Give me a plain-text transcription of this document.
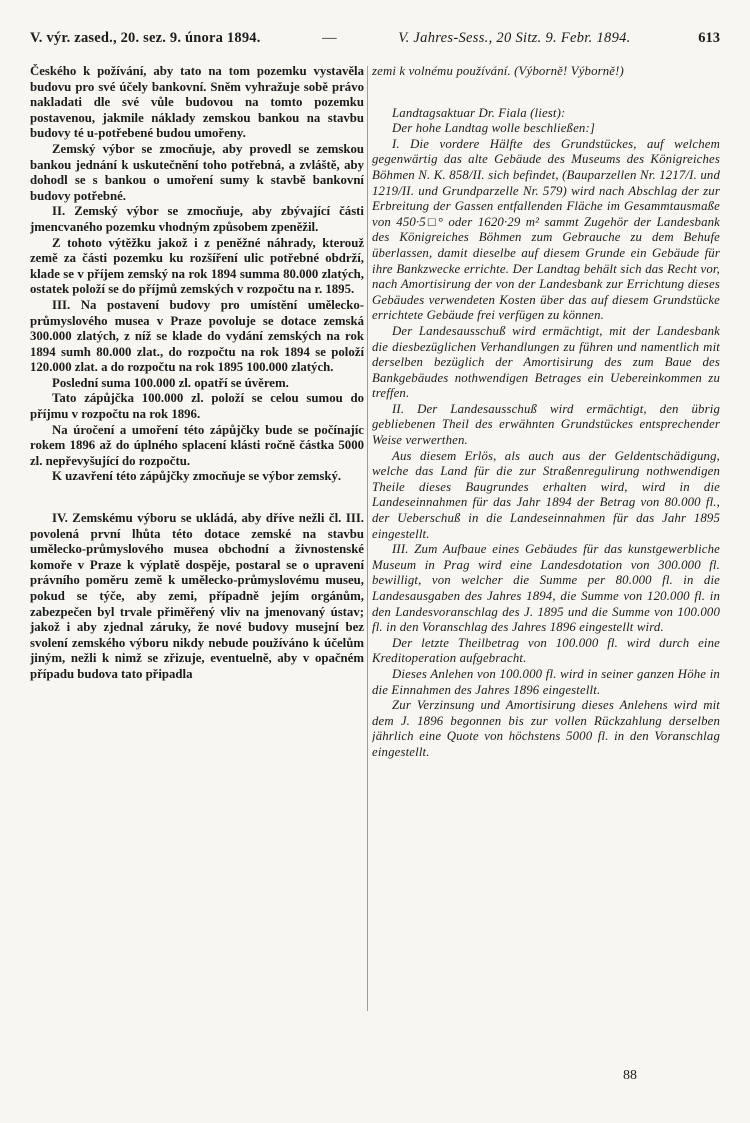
V. výr. zased., 20. sez. 9. února 1894.	—	V. Jahres-Sess., 20 Sitz. 9. Febr. 1894.	613

Českého k požívání, aby tato na tom pozemku vystavěla budovu pro své účely bankovní. Sněm vyhražuje sobě právo nakladati dle své vůle budovou na tomto pozemku postavenou, jakmile náklady zemskou bankou na stavbu budovy té u-potřebené budou umořeny.

Zemský výbor se zmocňuje, aby provedl se zemskou bankou jednání k uskutečnění toho potřebná, a zvláště, aby dohodl se s bankou o umoření sumy k stavbě bankovní budovy potřebné.

II. Zemský výbor se zmocňuje, aby zbývající části jmencvaného pozemku vhodným způsobem zpeněžil.

Z tohoto výtěžku jakož i z peněžné náhrady, kterouž země za části pozemku ku rozšíření ulic potřebné obdrží, klade se v příjem zemský na rok 1894 summa 80.000 zlatých, ostatek položí se do příjmů zemských v rozpočtu na r. 1895.

III. Na postavení budovy pro umístění umělecko-průmyslového musea v Praze povoluje se dotace zemská 300.000 zlatých, z níž se klade do vydání zemských na rok 1894 sumh 80.000 zlat., do rozpočtu na rok 1894 se položí 120.000 zlat. a do rozpočtu na rok 1895 100.000 zlatých.

Poslední suma 100.000 zl. opatří se úvěrem.

Tato zápůjčka 100.000 zl. položí se celou sumou do příjmu v rozpočtu na rok 1896.

Na úročení a umoření této zápůjčky bude se počínajíc rokem 1896 až do úplného splacení klásti ročně částka 5000 zl. nepřevyšující do rozpočtu.

K uzavření této zápůjčky zmocňuje se výbor zemský.

IV. Zemskému výboru se ukládá, aby dříve nežli čl. III. povolená první lhůta této dotace zemské na stavbu umělecko-průmyslového musea obchodní a živnostenské komoře v Praze k výplatě dospěje, postaral se o upravení právního poměru země k umělecko-průmyslovému museu, pokud se týče, aby zemi, případně jejím orgánům, zabezpečen byl trvale přiměřený vliv na jmenovaný ústav; jakož i aby zjednal záruky, že nové budovy musejní bez svolení zemského výboru nikdy nebude používáno k účelům jiným, nežli k nimž se zřizuje, eventuelně, aby v opačném případu budova tato připadla

zemi k volnému používání. (Výborně! Výborně!)

Landtagsaktuar Dr. Fiala (liest):

Der hohe Landtag wolle beschließen:]

I. Die vordere Hälfte des Grundstückes, auf welchem gegenwärtig das alte Gebäude des Museums des Königreiches Böhmen N. K. 858/II. sich befindet, (Bauparzellen Nr. 1217/I. und 1219/II. und Grundparzelle Nr. 579) wird nach Abschlag der zur Erbreitung der Gassen entfallenden Fläche im Gesammtausmaße von 450·5□° oder 1620·29 m² sammt Zugehör der Landesbank des Königreiches Böhmen zum Gebrauche zu dem Behufe überlassen, damit dieselbe auf diesem Grunde ein Gebäude für ihre Bankzwecke errichte. Der Landtag behält sich das Recht vor, nach Amortisirung der von der Landesbank zur Errichtung dieses Gebäudes verwendeten Kosten über das auf diesem Grundstücke errichtete Gebäude frei verfügen zu können.

Der Landesausschuß wird ermächtigt, mit der Landesbank die diesbezüglichen Verhandlungen zu führen und namentlich mit derselben bezüglich der Amortisirung des zum Baue des Bankgebäudes nothwendigen Betrages ein Uebereinkommen zu treffen.

II. Der Landesausschuß wird ermächtigt, den übrig gebliebenen Theil des erwähnten Grundstückes entsprechender Weise verwerthen.

Aus diesem Erlös, als auch aus der Geldentschädigung, welche das Land für die zur Straßenregulirung nothwendigen Theile dieses Baugrundes erhalten wird, wird in die Landeseinnahmen für das Jahr 1894 der Betrag von 80.000 fl., der Ueberschuß in die Landeseinnahmen für das Jahr 1895 eingestellt.

III. Zum Aufbaue eines Gebäudes für das kunstgewerbliche Museum in Prag wird eine Landesdotation von 300.000 fl. bewilligt, von welcher die Summe per 80.000 fl. in die Landesausgaben des Jahres 1894, die Summe von 120.000 fl. in den Landesvoranschlag des J. 1895 und die Summe von 100.000 fl. in den Voranschlag des Jahres 1896 eingestellt wird.

Der letzte Theilbetrag von 100.000 fl. wird durch eine Kreditoperation aufgebracht.

Dieses Anlehen von 100.000 fl. wird in seiner ganzen Höhe in die Einnahmen des Jahres 1896 eingestellt.

Zur Verzinsung und Amortisirung dieses Anlehens wird mit dem J. 1896 begonnen bis zur vollen Rückzahlung derselben jährlich eine Quote von höchstens 5000 fl. in den Voranschlag eingestellt.

88
